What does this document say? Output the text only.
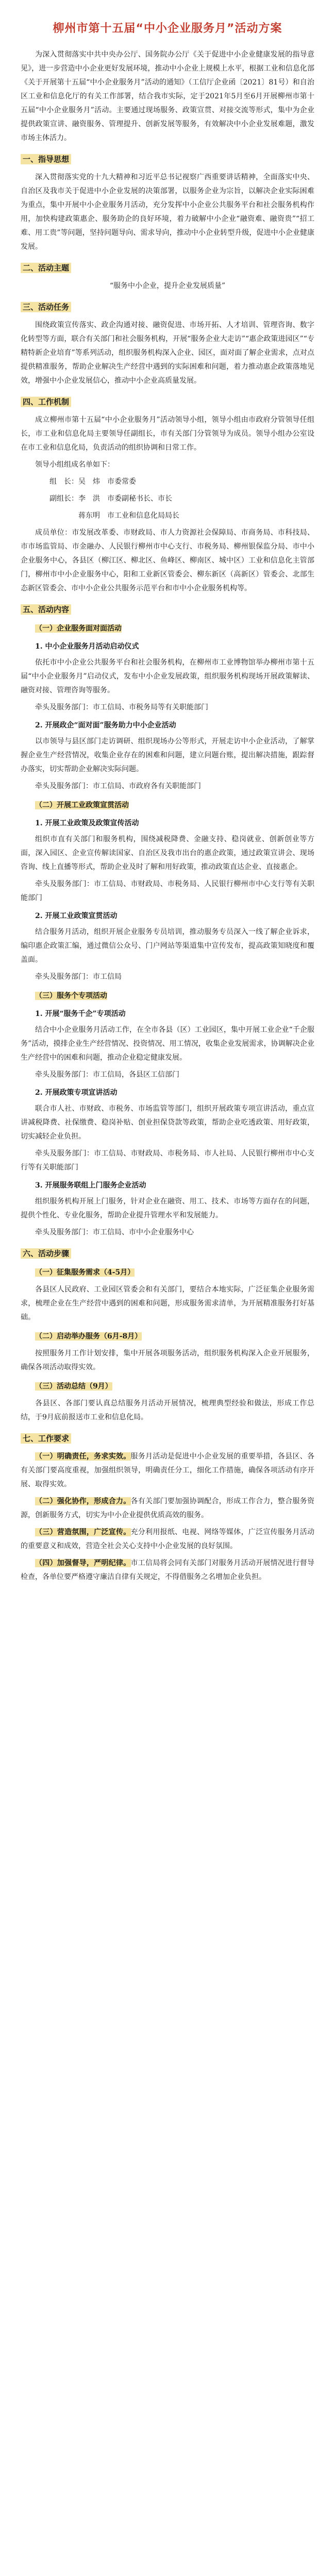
柳州市第十五届“中小企业服务月”活动方案

为深入贯彻落实中共中央办公厅、国务院办公厅《关于促进中小企业健康发展的指导意见》，进一步营造中小企业更好发展环境，推动中小企业上规模上水平，根据工业和信息化部《关于开展第十五届“中小企业服务月”活动的通知》（工信厅企业函〔2021〕81号）和自治区工业和信息化厅的有关工作部署，结合我市实际，定于2021年5月至6月开展柳州市第十五届“中小企业服务月”活动。主要通过现场服务、政策宣贯、对接交流等形式，集中为企业提供政策宣讲、融资服务、管理提升、创新发展等服务，有效解决中小企业发展难题，激发市场主体活力。

一、指导思想

深入贯彻落实党的十九大精神和习近平总书记视察广西重要讲话精神，全面落实中央、自治区及我市关于促进中小企业发展的决策部署，以服务企业为宗旨，以解决企业实际困难为重点，集中开展中小企业服务月活动，充分发挥中小企业公共服务平台和社会服务机构作用，加快构建政策惠企、服务助企的良好环境，着力破解中小企业“融资难、融资贵”“招工难、用工贵”等问题，坚持问题导向、需求导向，推动中小企业转型升级，促进中小企业健康发展。

二、活动主题

“服务中小企业，提升企业发展质量”

三、活动任务

围绕政策宣传落实、政企沟通对接、融资促进、市场开拓、人才培训、管理咨询、数字化转型等方面，联合有关部门和社会服务机构，开展“服务企业大走访”“惠企政策进园区”“专精特新企业培育”等系列活动，组织服务机构深入企业、园区，面对面了解企业需求，点对点提供精准服务，帮助企业解决生产经营中遇到的实际困难和问题，着力推动惠企政策落地见效，增强中小企业发展信心，推动中小企业高质量发展。

四、工作机制

成立柳州市第十五届“中小企业服务月”活动领导小组，领导小组由市政府分管领导任组长，市工业和信息化局主要领导任副组长，市有关部门分管领导为成员。领导小组办公室设在市工业和信息化局，负责活动的组织协调和日常工作。

领导小组组成名单如下：

组　长：吴　炜　市委常委

副组长：李　洪　市委副秘书长、市长

　　　　蒋东明　市工业和信息化局局长

成员单位：市发展改革委、市财政局、市人力资源社会保障局、市商务局、市科技局、市市场监管局、市金融办、人民银行柳州市中心支行、市税务局、柳州银保监分局、市中小企业服务中心，各县区（柳江区、柳北区、鱼峰区、柳南区、城中区）工业和信息化主管部门，柳州市中小企业服务中心，阳和工业新区管委会、柳东新区（高新区）管委会、北部生态新区管委会、市中小企业公共服务示范平台和市中小企业服务机构等。

五、活动内容
（一）企业服务面对面活动
1. 中小企业服务月活动启动仪式

依托市中小企业公共服务平台和社会服务机构，在柳州市工业博物馆举办柳州市第十五届“中小企业服务月”启动仪式，发布中小企业发展政策，组织服务机构现场开展政策解读、融资对接、管理咨询等服务。

牵头及服务部门：市工信局、市税务局等有关职能部门

2. 开展政企“面对面”服务助力中小企业活动

以市领导与县区部门走访调研、组织现场办公等形式，开展走访中小企业活动，了解掌握企业生产经营情况，收集企业存在的困难和问题，建立问题台账，提出解决措施，跟踪督办落实，切实帮助企业解决实际问题。

牵头及服务部门：市工信局、市政府各有关职能部门

（二）开展工业政策宣贯活动
1. 开展工业政策及政策宣传活动

组织市直有关部门和服务机构，围绕减税降费、金融支持、稳岗就业、创新创业等方面，深入园区、企业宣传解读国家、自治区及我市出台的惠企政策，通过政策宣讲会、现场咨询、线上直播等形式，帮助企业及时了解和用好政策，推动政策直达企业、直接惠企。

牵头及服务部门：市工信局、市财政局、市税务局、人民银行柳州市中心支行等有关职能部门

2. 开展工业政策宣贯活动

结合服务月活动，组织开展企业服务专员培训，推动服务专员深入一线了解企业诉求，编印惠企政策汇编，通过微信公众号、门户网站等渠道集中宣传发布，提高政策知晓度和覆盖面。

牵头及服务部门：市工信局

（三）服务个专项活动
1. 开展“服务千企”专项活动

结合中小企业服务月活动工作，在全市各县（区）工业园区，集中开展工业企业“千企服务”活动，摸排企业生产经营情况、投资情况、用工情况，收集企业发展需求，协调解决企业生产经营中的困难和问题，推动企业稳定健康发展。

牵头及服务部门：市工信局，各县区工信部门

2. 开展政策专项宣讲活动

联合市人社、市财政、市税务、市场监管等部门，组织开展政策专项宣讲活动，重点宣讲减税降费、社保缴费、稳岗补贴、创业担保贷款等政策，帮助企业吃透政策、用好政策，切实减轻企业负担。

牵头及服务部门：市工信局、市财政局、市税务局、市人社局、人民银行柳州市中心支行等有关职能部门

3. 开展服务联组上门服务企业活动

组织服务机构开展上门服务，针对企业在融资、用工、技术、市场等方面存在的问题，提供个性化、专业化服务，帮助企业提升管理水平和发展能力。

牵头及服务部门：市工信局、市中小企业服务中心

六、活动步骤
（一）征集服务需求（4-5月）

各县区人民政府、工业园区管委会和有关部门，要结合本地实际，广泛征集企业服务需求，梳理企业在生产经营中遇到的困难和问题，形成服务需求清单，为开展精准服务打好基础。

（二）启动举办服务（6月-8月）

按照服务月工作计划安排，集中开展各项服务活动，组织服务机构深入企业开展服务，确保各项活动取得实效。

（三）活动总结（9月）

各县区、各部门要认真总结服务月活动开展情况，梳理典型经验和做法，形成工作总结，于9月底前报送市工业和信息化局。

七、工作要求

（一）明确责任，务求实效。服务月活动是促进中小企业发展的重要举措，各县区、各有关部门要高度重视，加强组织领导，明确责任分工，细化工作措施，确保各项活动有序开展、取得实效。

（二）强化协作，形成合力。各有关部门要加强协调配合，形成工作合力，整合服务资源，创新服务方式，切实为中小企业提供优质高效的服务。

（三）营造氛围，广泛宣传。充分利用报纸、电视、网络等媒体，广泛宣传服务月活动的重要意义和成效，营造全社会关心支持中小企业发展的良好氛围。

（四）加强督导，严明纪律。市工信局将会同有关部门对服务月活动开展情况进行督导检查，各单位要严格遵守廉洁自律有关规定，不得借服务之名增加企业负担。
